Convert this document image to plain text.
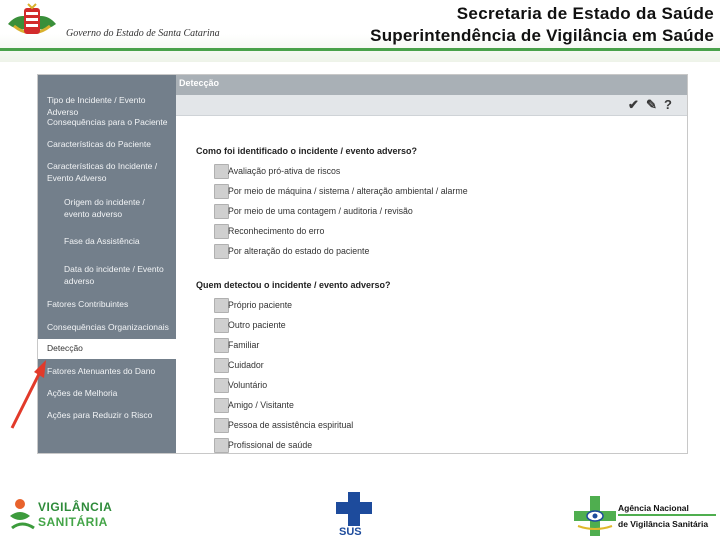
Governo do Estado de Santa Catarina
Secretaria de Estado da Saúde
Superintendência de Vigilância em Saúde
Tipo de Incidente / Evento Adverso
Consequências para o Paciente
Características do Paciente
Características do Incidente / Evento Adverso
Origem do incidente / evento adverso
Fase da Assistência
Data do incidente / Evento adverso
Fatores Contribuintes
Consequências Organizacionais
Detecção
Fatores Atenuantes do Dano
Ações de Melhoria
Ações para Reduzir o Risco
Detecção
✔ ✎ ?
Como foi identificado o incidente / evento adverso?
Avaliação pró-ativa de riscos
Por meio de máquina / sistema / alteração ambiental / alarme
Por meio de uma contagem / auditoria / revisão
Reconhecimento do erro
Por alteração do estado do paciente
Quem detectou o incidente / evento adverso?
Próprio paciente
Outro paciente
Familiar
Cuidador
Voluntário
Amigo / Visitante
Pessoa de assistência espiritual
Profissional de saúde
VIGILÂNCIA
SANITÁRIA
SUS
Agência Nacional
de Vigilância Sanitária
